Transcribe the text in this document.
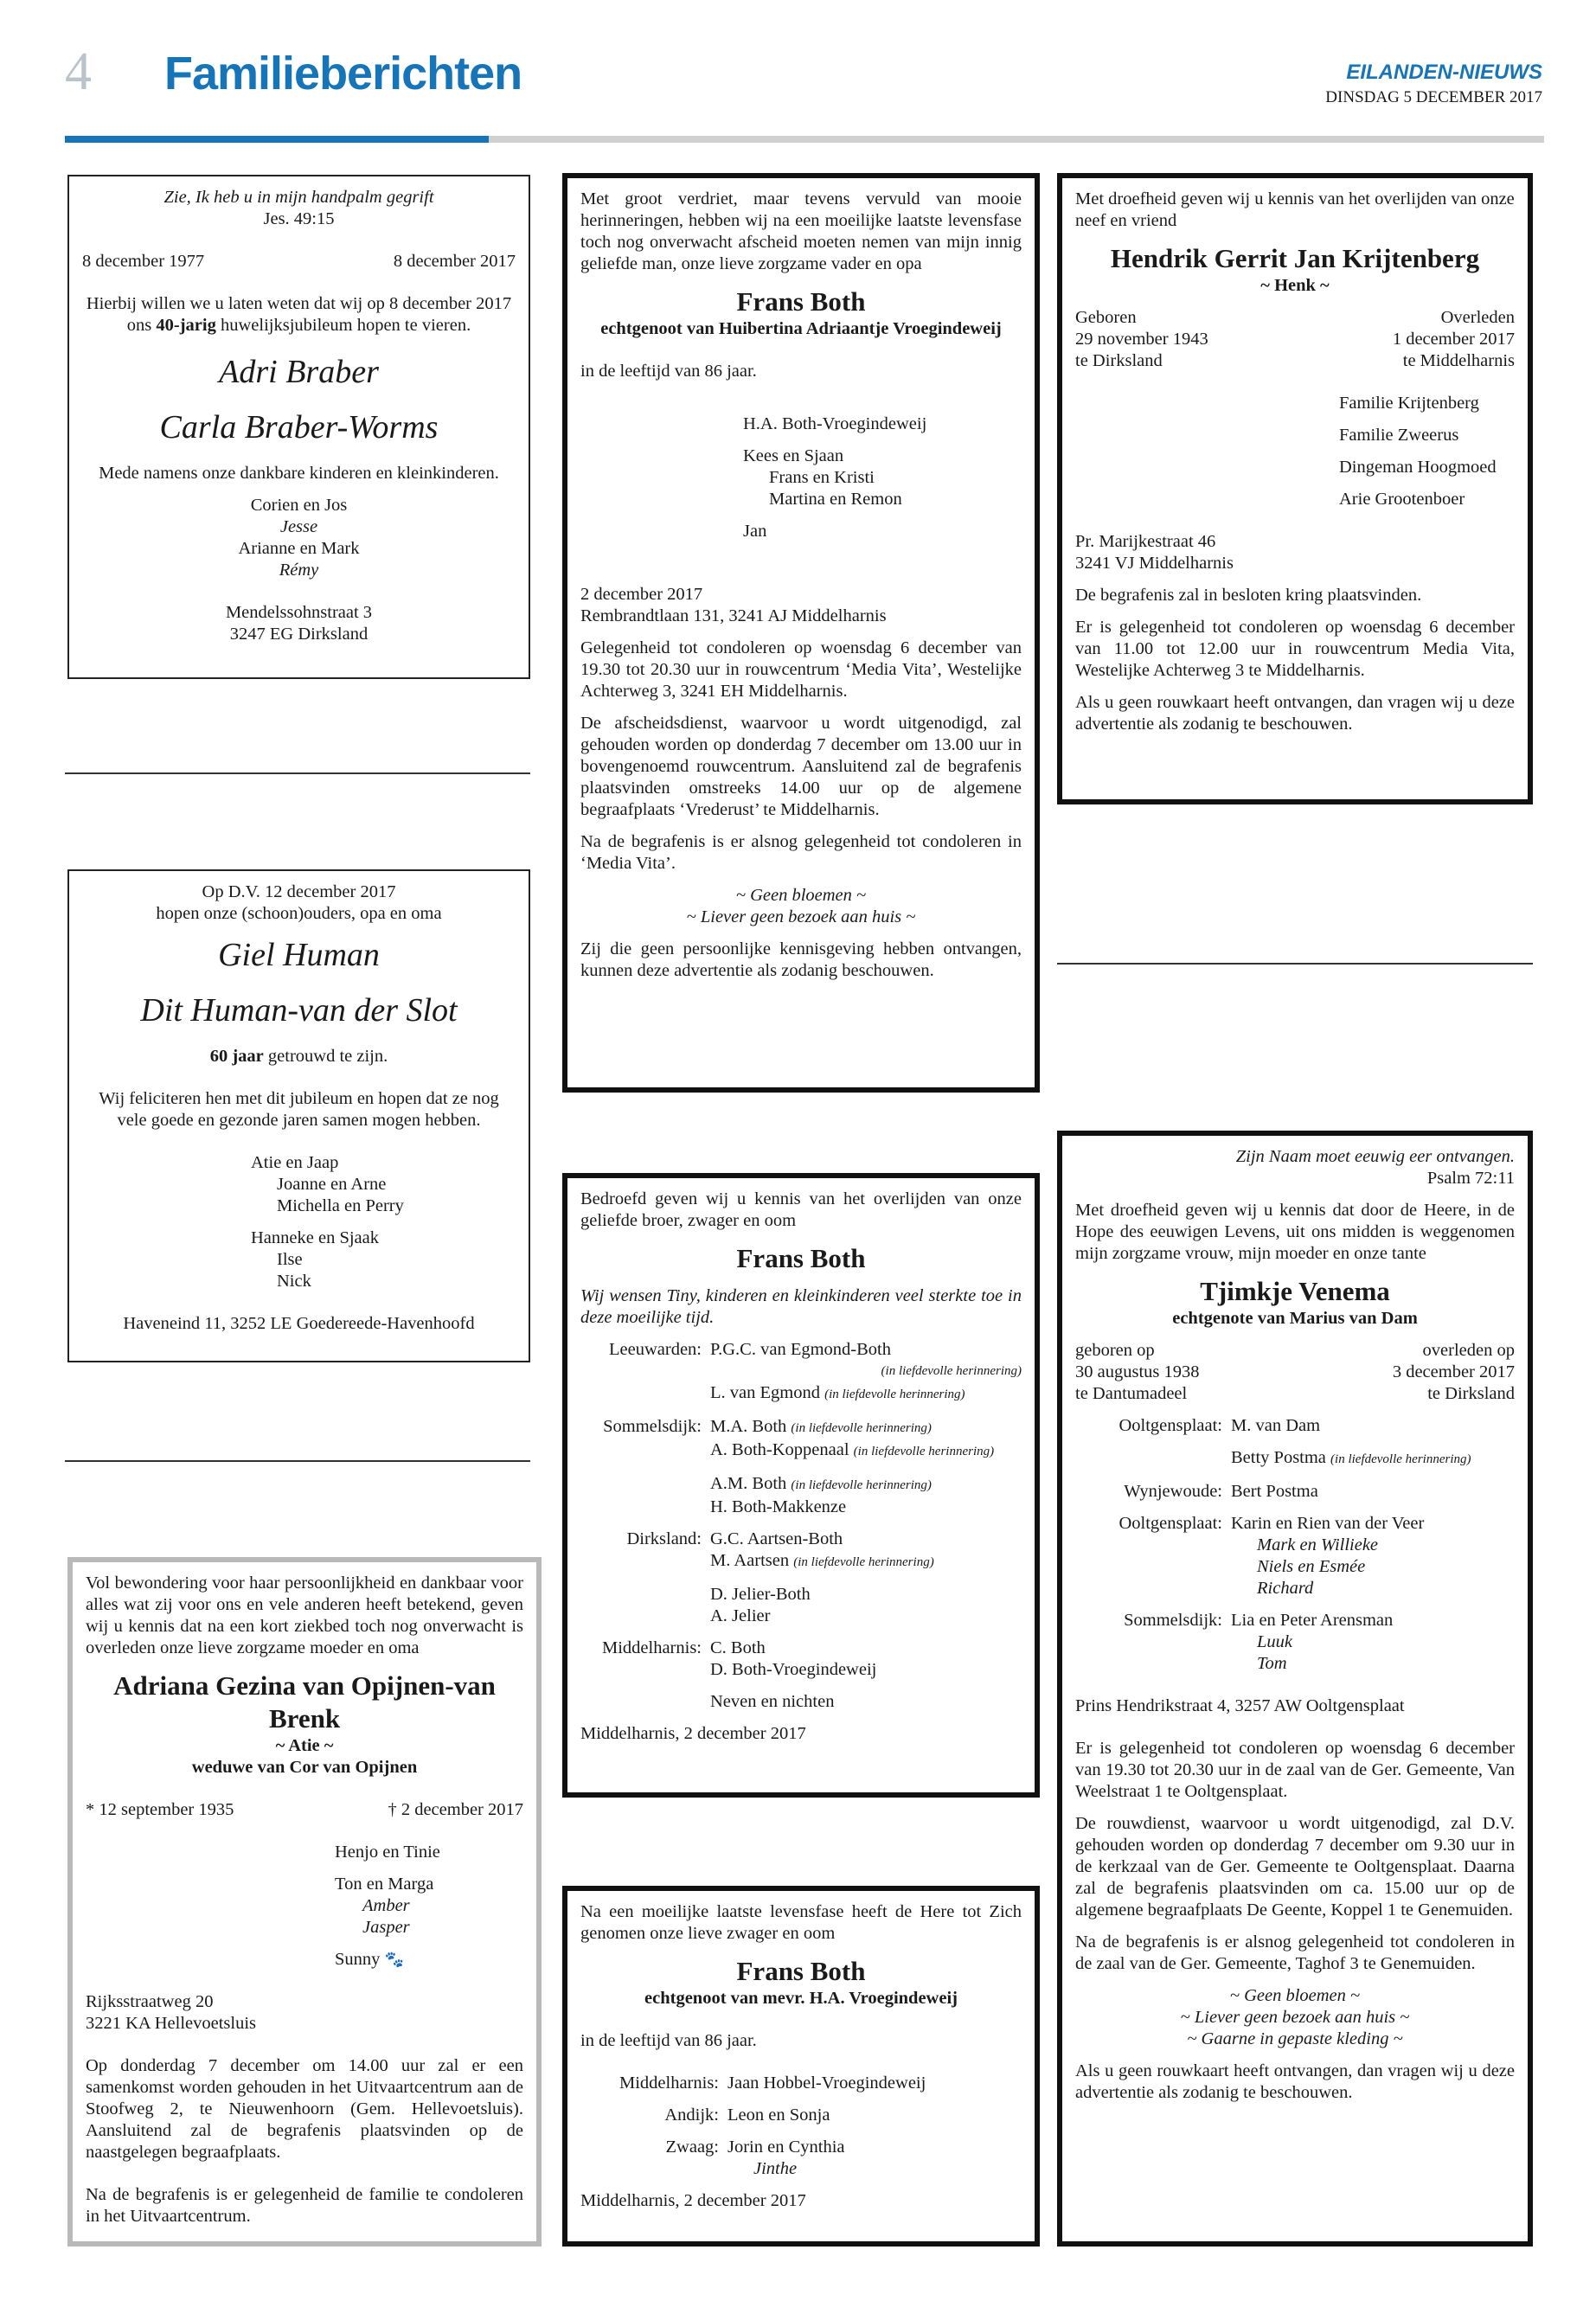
4 Familieberichten	EILANDEN-NIEUWS
DINSDAG 5 DECEMBER 2017
Zie, Ik heb u in mijn handpalm gegrift
Jes. 49:15
8 december 1977	8 december 2017
Hierbij willen we u laten weten dat wij op 8 december 2017 ons 40-jarig huwelijksjubileum hopen te vieren.
Adri Braber
Carla Braber-Worms
Mede namens onze dankbare kinderen en kleinkinderen.
Corien en Jos
Jesse
Arianne en Mark
Rémy
Mendelssohnstraat 3
3247 EG Dirksland
Op D.V. 12 december 2017
hopen onze (schoon)ouders, opa en oma
Giel Human
Dit Human-van der Slot
60 jaar getrouwd te zijn.
Wij feliciteren hen met dit jubileum en hopen dat ze nog vele goede en gezonde jaren samen mogen hebben.
Atie en Jaap
Joanne en Arne
Michella en Perry
Hanneke en Sjaak
Ilse
Nick
Haveneind 11, 3252 LE Goedereede-Havenhoofd
Vol bewondering voor haar persoonlijkheid en dankbaar voor alles wat zij voor ons en vele anderen heeft betekend, geven wij u kennis dat na een kort ziekbed toch nog onverwacht is overleden onze lieve zorgzame moeder en oma
Adriana Gezina van Opijnen-van Brenk
~ Atie ~
weduwe van Cor van Opijnen
* 12 september 1935	† 2 december 2017
Henjo en Tinie
Ton en Marga
Amber
Jasper
Sunny 🐾
Rijksstraatweg 20
3221 KA Hellevoetsluis
Op donderdag 7 december om 14.00 uur zal er een samenkomst worden gehouden in het Uitvaartcentrum aan de Stoofweg 2, te Nieuwenhoorn (Gem. Hellevoetsluis). Aansluitend zal de begrafenis plaatsvinden op de naastgelegen begraafplaats.
Na de begrafenis is er gelegenheid de familie te condoleren in het Uitvaartcentrum.
Met groot verdriet, maar tevens vervuld van mooie herinneringen, hebben wij na een moeilijke laatste levensfase toch nog onverwacht afscheid moeten nemen van mijn innig geliefde man, onze lieve zorgzame vader en opa
Frans Both
echtgenoot van Huibertina Adriaantje Vroegindeweij
in de leeftijd van 86 jaar.
H.A. Both-Vroegindeweij
Kees en Sjaan
Frans en Kristi
Martina en Remon
Jan
2 december 2017
Rembrandtlaan 131, 3241 AJ Middelharnis
Gelegenheid tot condoleren op woensdag 6 december van 19.30 tot 20.30 uur in rouwcentrum ‘Media Vita’, Westelijke Achterweg 3, 3241 EH Middelharnis.
De afscheidsdienst, waarvoor u wordt uitgenodigd, zal gehouden worden op donderdag 7 december om 13.00 uur in bovengenoemd rouwcentrum. Aansluitend zal de begrafenis plaatsvinden omstreeks 14.00 uur op de algemene begraafplaats ‘Vrederust’ te Middelharnis.
Na de begrafenis is er alsnog gelegenheid tot condoleren in ‘Media Vita’.
~ Geen bloemen ~
~ Liever geen bezoek aan huis ~
Zij die geen persoonlijke kennisgeving hebben ontvangen, kunnen deze advertentie als zodanig beschouwen.
Bedroefd geven wij u kennis van het overlijden van onze geliefde broer, zwager en oom
Frans Both
Wij wensen Tiny, kinderen en kleinkinderen veel sterkte toe in deze moeilijke tijd.
Leeuwarden: P.G.C. van Egmond-Both
(in liefdevolle herinnering)
L. van Egmond (in liefdevolle herinnering)
Sommelsdijk: M.A. Both (in liefdevolle herinnering)
A. Both-Koppenaal (in liefdevolle herinnering)
A.M. Both (in liefdevolle herinnering)
H. Both-Makkenze
Dirksland: G.C. Aartsen-Both
M. Aartsen (in liefdevolle herinnering)
D. Jelier-Both
A. Jelier
Middelharnis: C. Both
D. Both-Vroegindeweij
Neven en nichten
Middelharnis, 2 december 2017
Na een moeilijke laatste levensfase heeft de Here tot Zich genomen onze lieve zwager en oom
Frans Both
echtgenoot van mevr. H.A. Vroegindeweij
in de leeftijd van 86 jaar.
Middelharnis: Jaan Hobbel-Vroegindeweij
Andijk: Leon en Sonja
Zwaag: Jorin en Cynthia
Jinthe
Middelharnis, 2 december 2017
Met droefheid geven wij u kennis van het overlijden van onze neef en vriend
Hendrik Gerrit Jan Krijtenberg
~ Henk ~
Geboren	Overleden
29 november 1943	1 december 2017
te Dirksland	te Middelharnis
Familie Krijtenberg
Familie Zweerus
Dingeman Hoogmoed
Arie Grootenboer
Pr. Marijkestraat 46
3241 VJ Middelharnis
De begrafenis zal in besloten kring plaatsvinden.
Er is gelegenheid tot condoleren op woensdag 6 december van 11.00 tot 12.00 uur in rouwcentrum Media Vita, Westelijke Achterweg 3 te Middelharnis.
Als u geen rouwkaart heeft ontvangen, dan vragen wij u deze advertentie als zodanig te beschouwen.
Zijn Naam moet eeuwig eer ontvangen.
Psalm 72:11
Met droefheid geven wij u kennis dat door de Heere, in de Hope des eeuwigen Levens, uit ons midden is weggenomen mijn zorgzame vrouw, mijn moeder en onze tante
Tjimkje Venema
echtgenote van Marius van Dam
geboren op	overleden op
30 augustus 1938	3 december 2017
te Dantumadeel	te Dirksland
Ooltgensplaat: M. van Dam
Betty Postma (in liefdevolle herinnering)
Wynjewoude: Bert Postma
Ooltgensplaat: Karin en Rien van der Veer
Mark en Willieke
Niels en Esmée
Richard
Sommelsdijk: Lia en Peter Arensman
Luuk
Tom
Prins Hendrikstraat 4, 3257 AW Ooltgensplaat
Er is gelegenheid tot condoleren op woensdag 6 december van 19.30 tot 20.30 uur in de zaal van de Ger. Gemeente, Van Weelstraat 1 te Ooltgensplaat.
De rouwdienst, waarvoor u wordt uitgenodigd, zal D.V. gehouden worden op donderdag 7 december om 9.30 uur in de kerkzaal van de Ger. Gemeente te Ooltgensplaat. Daarna zal de begrafenis plaatsvinden om ca. 15.00 uur op de algemene begraafplaats De Geente, Koppel 1 te Genemuiden.
Na de begrafenis is er alsnog gelegenheid tot condoleren in de zaal van de Ger. Gemeente, Taghof 3 te Genemuiden.
~ Geen bloemen ~
~ Liever geen bezoek aan huis ~
~ Gaarne in gepaste kleding ~
Als u geen rouwkaart heeft ontvangen, dan vragen wij u deze advertentie als zodanig te beschouwen.
